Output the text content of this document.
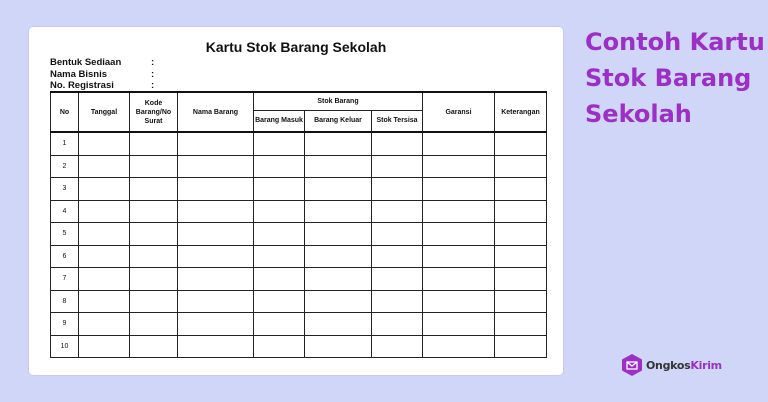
Kartu Stok Barang Sekolah
Bentuk Sediaan	:
Nama Bisnis	:
No. Registrasi	:
No	Tanggal	Kode Barang/No Surat	Nama Barang	Stok Barang			Garansi	Keterangan
				Barang Masuk	Barang Keluar	Stok Tersisa		
1								
2								
3								
4								
5								
6								
7								
8								
9								
10								
Contoh Kartu
Stok Barang
Sekolah
OngkosKirim
